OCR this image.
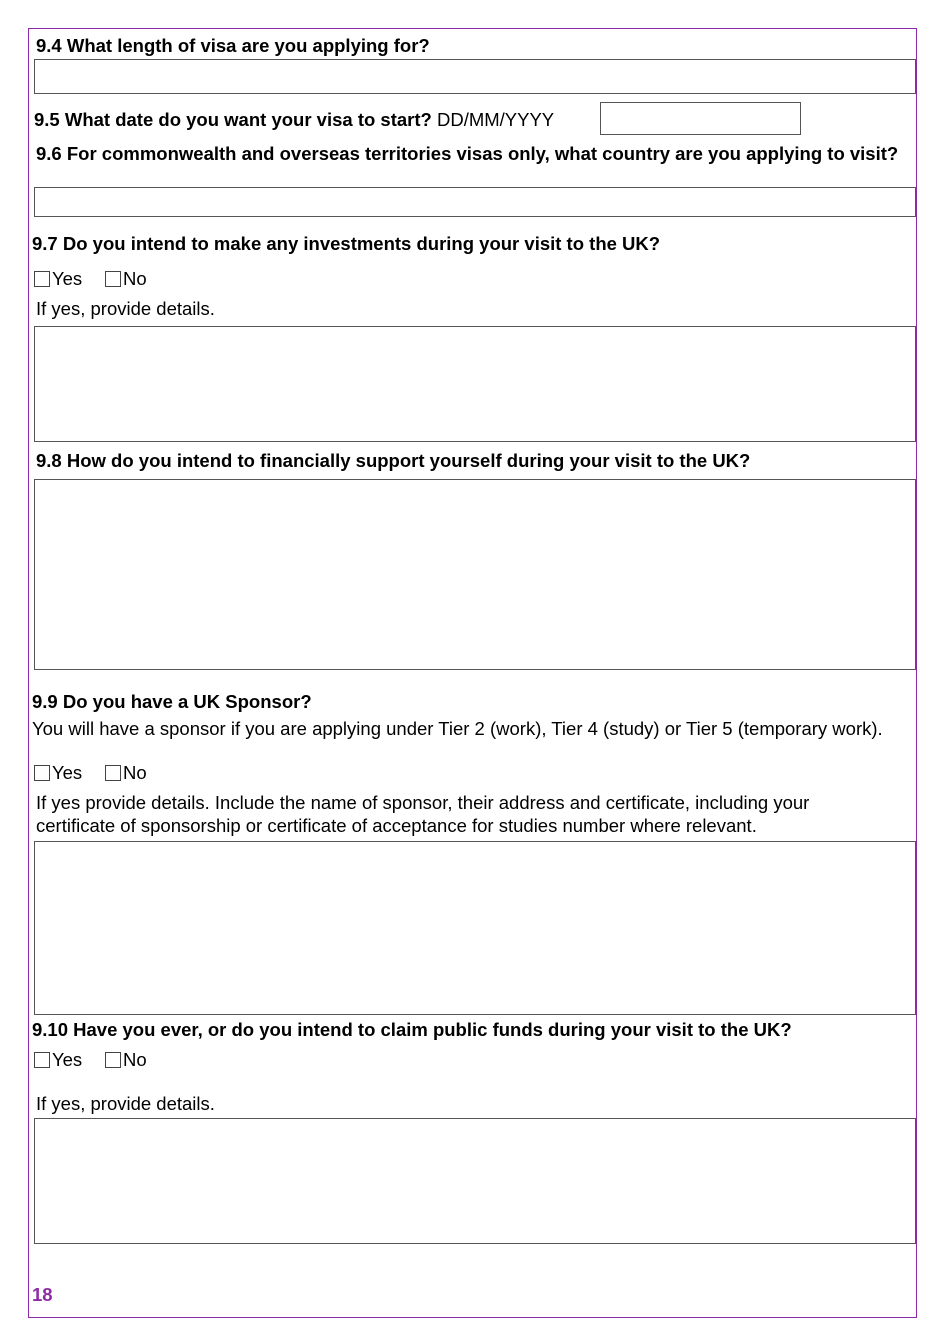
9.4 What length of visa are you applying for?
9.5 What date do you want your visa to start? DD/MM/YYYY
9.6 For commonwealth and overseas territories visas only, what country are you applying to visit?
9.7 Do you intend to make any investments during your visit to the UK?
Yes No
If yes, provide details.
9.8 How do you intend to financially support yourself during your visit to the UK?
9.9 Do you have a UK Sponsor?
You will have a sponsor if you are applying under Tier 2 (work), Tier 4 (study) or Tier 5 (temporary work).
Yes No
If yes provide details. Include the name of sponsor, their address and certificate, including your certificate of sponsorship or certificate of acceptance for studies number where relevant.
9.10 Have you ever, or do you intend to claim public funds during your visit to the UK?
Yes No
If yes, provide details.
18
